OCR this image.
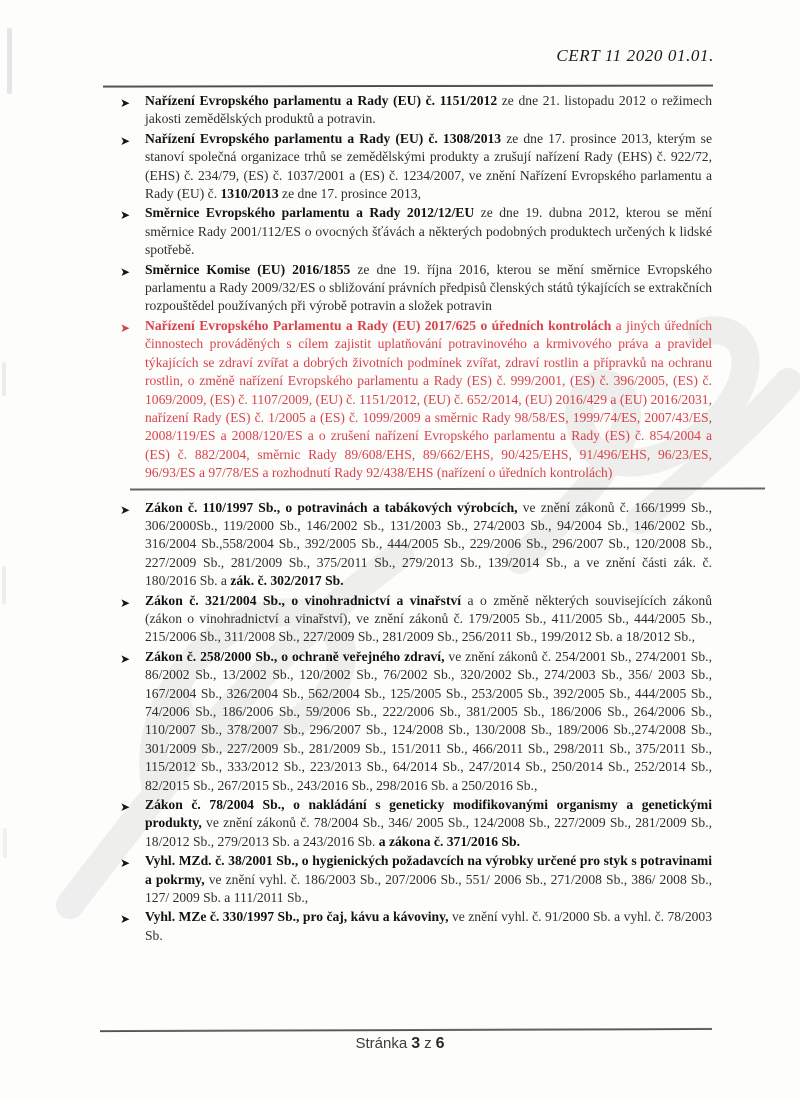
CERT 11 2020 01.01.
➤ Nařízení Evropského parlamentu a Rady (EU) č. 1151/2012 ze dne 21. listopadu 2012 o režimech jakosti zemědělských produktů a potravin.
➤ Nařízení Evropského parlamentu a Rady (EU) č. 1308/2013 ze dne 17. prosince 2013, kterým se stanoví společná organizace trhů se zemědělskými produkty a zrušují nařízení Rady (EHS) č. 922/72, (EHS) č. 234/79, (ES) č. 1037/2001 a (ES) č. 1234/2007, ve znění Nařízení Evropského parlamentu a Rady (EU) č. 1310/2013 ze dne 17. prosince 2013,
➤ Směrnice Evropského parlamentu a Rady 2012/12/EU ze dne 19. dubna 2012, kterou se mění směrnice Rady 2001/112/ES o ovocných šťávách a některých podobných produktech určených k lidské spotřebě.
➤ Směrnice Komise (EU) 2016/1855 ze dne 19. října 2016, kterou se mění směrnice Evropského parlamentu a Rady 2009/32/ES o sbližování právních předpisů členských států týkajících se extrakčních rozpouštědel používaných při výrobě potravin a složek potravin
➤ Nařízení Evropského Parlamentu a Rady (EU) 2017/625 o úředních kontrolách a jiných úředních činnostech prováděných s cílem zajistit uplatňování potravinového a krmivového práva a pravidel týkajících se zdraví zvířat a dobrých životních podmínek zvířat, zdraví rostlin a přípravků na ochranu rostlin, o změně nařízení Evropského parlamentu a Rady (ES) č. 999/2001, (ES) č. 396/2005, (ES) č. 1069/2009, (ES) č. 1107/2009, (EU) č. 1151/2012, (EU) č. 652/2014, (EU) 2016/429 a (EU) 2016/2031, nařízení Rady (ES) č. 1/2005 a (ES) č. 1099/2009 a směrnic Rady 98/58/ES, 1999/74/ES, 2007/43/ES, 2008/119/ES a 2008/120/ES a o zrušení nařízení Evropského parlamentu a Rady (ES) č. 854/2004 a (ES) č. 882/2004, směrnic Rady 89/608/EHS, 89/662/EHS, 90/425/EHS, 91/496/EHS, 96/23/ES, 96/93/ES a 97/78/ES a rozhodnutí Rady 92/438/EHS (nařízení o úředních kontrolách)
➤ Zákon č. 110/1997 Sb., o potravinách a tabákových výrobcích, ve znění zákonů č. 166/1999 Sb., 306/2000Sb., 119/2000 Sb., 146/2002 Sb., 131/2003 Sb., 274/2003 Sb., 94/2004 Sb., 146/2002 Sb., 316/2004 Sb.,558/2004 Sb., 392/2005 Sb., 444/2005 Sb., 229/2006 Sb., 296/2007 Sb., 120/2008 Sb., 227/2009 Sb., 281/2009 Sb., 375/2011 Sb., 279/2013 Sb., 139/2014 Sb., a ve znění části zák. č. 180/2016 Sb. a zák. č. 302/2017 Sb.
➤ Zákon č. 321/2004 Sb., o vinohradnictví a vinařství a o změně některých souvisejících zákonů (zákon o vinohradnictví a vinařství), ve znění zákonů č. 179/2005 Sb., 411/2005 Sb., 444/2005 Sb., 215/2006 Sb., 311/2008 Sb., 227/2009 Sb., 281/2009 Sb., 256/2011 Sb., 199/2012 Sb. a 18/2012 Sb.,
➤ Zákon č. 258/2000 Sb., o ochraně veřejného zdraví, ve znění zákonů č. 254/2001 Sb., 274/2001 Sb., 86/2002 Sb., 13/2002 Sb., 120/2002 Sb., 76/2002 Sb., 320/2002 Sb., 274/2003 Sb., 356/ 2003 Sb., 167/2004 Sb., 326/2004 Sb., 562/2004 Sb., 125/2005 Sb., 253/2005 Sb., 392/2005 Sb., 444/2005 Sb., 74/2006 Sb., 186/2006 Sb., 59/2006 Sb., 222/2006 Sb., 381/2005 Sb., 186/2006 Sb., 264/2006 Sb., 110/2007 Sb., 378/2007 Sb., 296/2007 Sb., 124/2008 Sb., 130/2008 Sb., 189/2006 Sb.,274/2008 Sb., 301/2009 Sb., 227/2009 Sb., 281/2009 Sb., 151/2011 Sb., 466/2011 Sb., 298/2011 Sb., 375/2011 Sb., 115/2012 Sb., 333/2012 Sb., 223/2013 Sb., 64/2014 Sb., 247/2014 Sb., 250/2014 Sb., 252/2014 Sb., 82/2015 Sb., 267/2015 Sb., 243/2016 Sb., 298/2016 Sb. a 250/2016 Sb.,
➤ Zákon č. 78/2004 Sb., o nakládání s geneticky modifikovanými organismy a genetickými produkty, ve znění zákonů č. 78/2004 Sb., 346/ 2005 Sb., 124/2008 Sb., 227/2009 Sb., 281/2009 Sb., 18/2012 Sb., 279/2013 Sb. a 243/2016 Sb. a zákona č. 371/2016 Sb.
➤ Vyhl. MZd. č. 38/2001 Sb., o hygienických požadavcích na výrobky určené pro styk s potravinami a pokrmy, ve znění vyhl. č. 186/2003 Sb., 207/2006 Sb., 551/ 2006 Sb., 271/2008 Sb., 386/ 2008 Sb., 127/ 2009 Sb. a 111/2011 Sb.,
➤ Vyhl. MZe č. 330/1997 Sb., pro čaj, kávu a kávoviny, ve znění vyhl. č. 91/2000 Sb. a vyhl. č. 78/2003 Sb.
Stránka 3 z 6
